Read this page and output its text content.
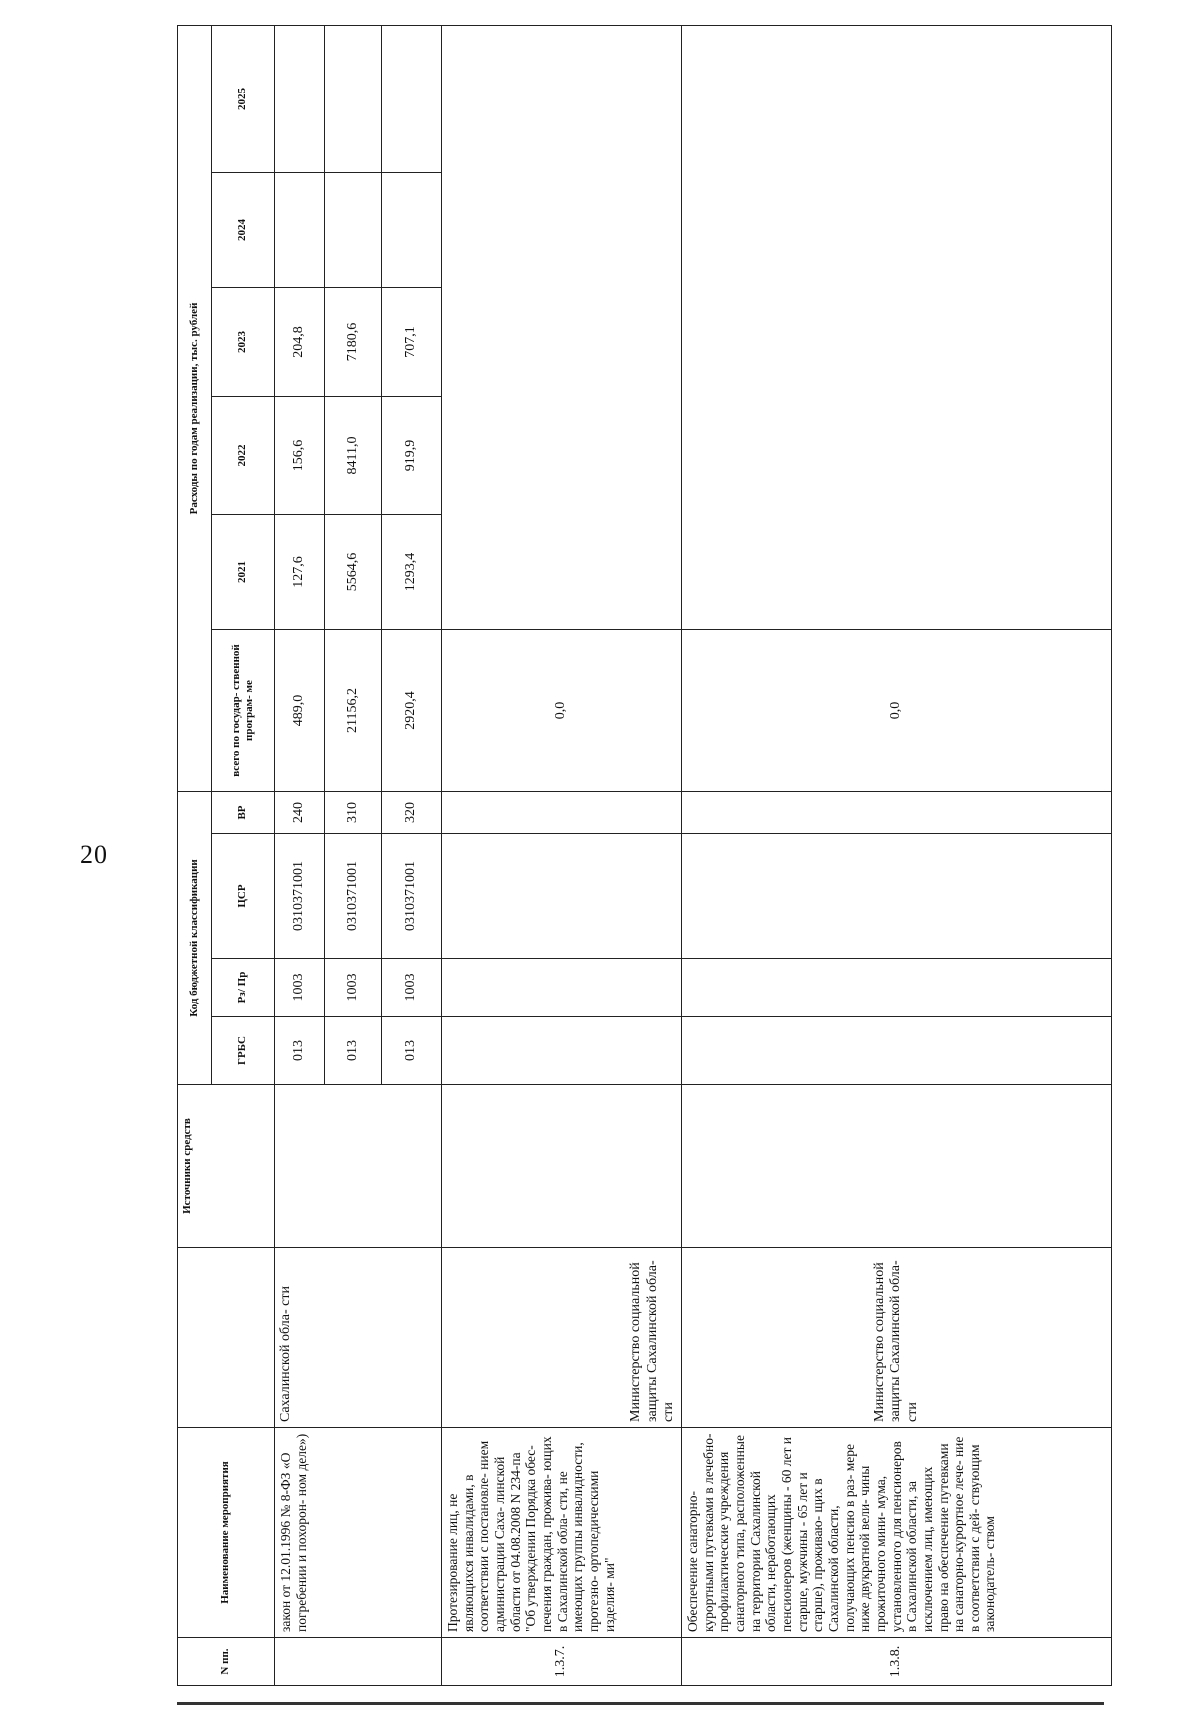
20
N пп.	Наименование мероприятия		Источники средств	Код бюджетной классификации				Расходы по годам реализации, тыс. рублей					
				ГРБС	Рз/ Пр	ЦСР	ВР	всего по государ- ственной програм- ме	2021	2022	2023	2024	2025
	закон от 12.01.1996 № 8-ФЗ «О погребении и похорон- ном деле»)	Сахалинской обла- сти		013	1003	0310371001	240	489,0	127,6	156,6	204,8		
				013	1003	0310371001	310	21156,2	5564,6	8411,0	7180,6		
				013	1003	0310371001	320	2920,4	1293,4	919,9	707,1		
1.3.7.	Протезирование лиц, не являющихся инвалидами, в соответствии с постановле- нием администрации Саха- линской области от 04.08.2008 N 234-па "Об утверждении Порядка обес- печения граждан, прожива- ющих в Сахалинской обла- сти, не имеющих группы инвалидности, протезно- ортопедическими изделия- ми"	Министерство социальной защиты Сахалинской обла- сти						0,0					
1.3.8.	Обеспечение санаторно- курортными путевками в лечебно-профилактические учреждения санаторного типа, расположенные на территории Сахалинской области, неработающих пенсионеров (женщины - 60 лет и старше, мужчины - 65 лет и старше), проживаю- щих в Сахалинской области, получающих пенсию в раз- мере ниже двукратной вели- чины прожиточного мини- мума, установленного для пенсионеров в Сахалинской области, за исключением лиц, имеющих право на обеспечение путевками на санаторно-курортное лече- ние в соответствии с дей- ствующим законодатель- ством	Министерство социальной защиты Сахалинской обла- сти						0,0					
